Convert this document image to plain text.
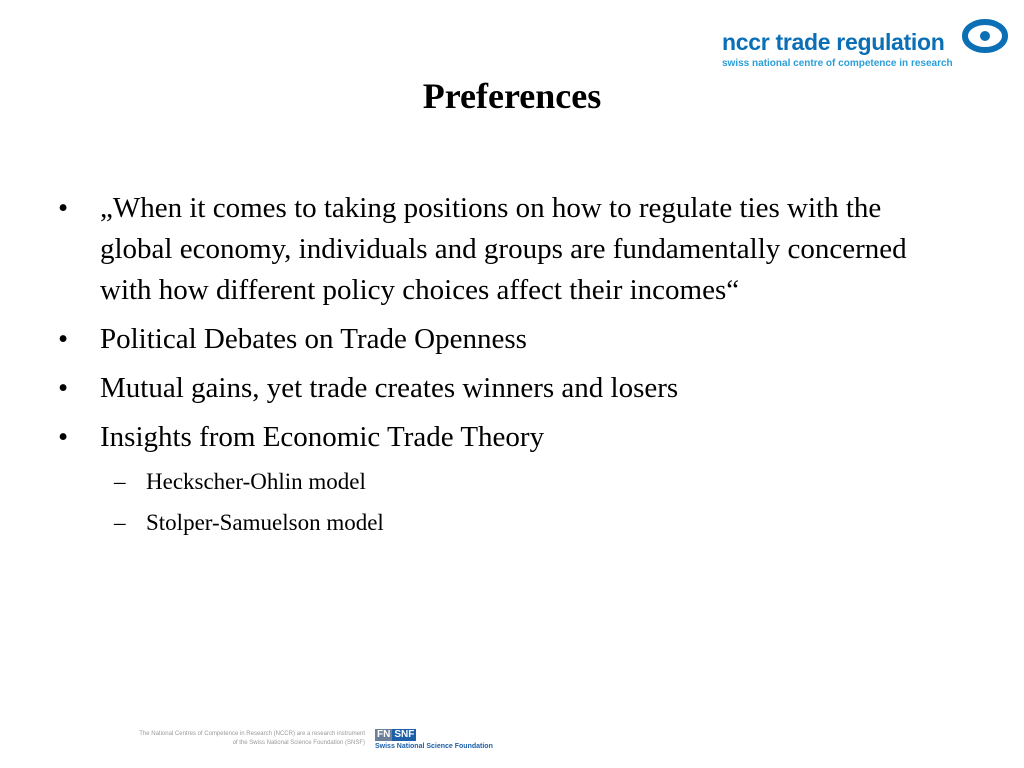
nccr trade regulation
swiss national centre of competence in research
Preferences
• „When it comes to taking positions on how to regulate ties with the global economy, individuals and groups are fundamentally concerned with how different policy choices affect their incomes“
• Political Debates on Trade Openness
• Mutual gains, yet trade creates winners and losers
• Insights from Economic Trade Theory
– Heckscher-Ohlin model
– Stolper-Samuelson model
The National Centres of Competence in Research (NCCR) are a research instrument
of the Swiss National Science Foundation (SNSF)
FN SNF
Swiss National Science Foundation
